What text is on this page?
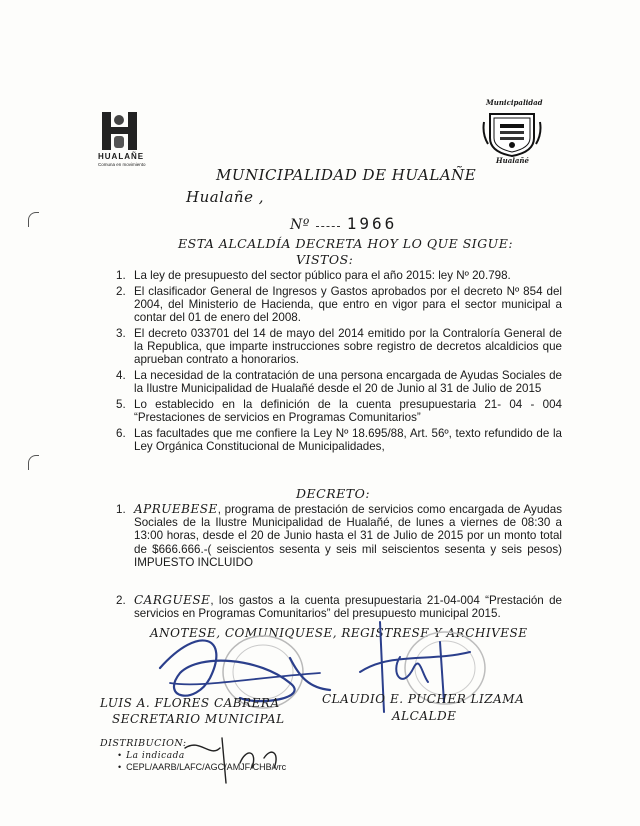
HUALAÑE
Comuna en movimiento
Municipalidad
Hualañé
MUNICIPALIDAD DE HUALAÑE
Hualañe ,
Nº 1966
ESTA ALCALDÍA DECRETA HOY LO QUE SIGUE:
VISTOS:
1. La ley de presupuesto del sector público para el año 2015: ley Nº 20.798.
2. El clasificador General de Ingresos y Gastos aprobados por el decreto Nº 854 del 2004, del Ministerio de Hacienda, que entro en vigor para el sector municipal a contar del 01 de enero del 2008.
3. El decreto 033701 del 14 de mayo del 2014 emitido por la Contraloría General de la Republica, que imparte instrucciones sobre registro de decretos alcaldicios que aprueban contrato a honorarios.
4. La necesidad de la contratación de una persona encargada de Ayudas Sociales de la Ilustre Municipalidad de Hualañé desde el 20 de Junio al 31 de Julio de 2015
5. Lo establecido en la definición de la cuenta presupuestaria 21- 04 - 004 “Prestaciones de servicios en Programas Comunitarios”
6. Las facultades que me confiere la Ley Nº 18.695/88, Art. 56º, texto refundido de la Ley Orgánica Constitucional de Municipalidades,
DECRETO:
1. APRUEBESE, programa de prestación de servicios como encargada de Ayudas Sociales de la Ilustre Municipalidad de Hualañé, de lunes a viernes de 08:30 a 13:00 horas, desde el 20 de Junio hasta el 31 de Julio de 2015 por un monto total de $666.666.-( seiscientos sesenta y seis mil seiscientos sesenta y seis pesos) IMPUESTO INCLUIDO
2. CARGUESE, los gastos a la cuenta presupuestaria 21-04-004 “Prestación de servicios en Programas Comunitarios” del presupuesto municipal 2015.
ANOTESE, COMUNIQUESE, REGISTRESE Y ARCHIVESE
LUIS A. FLORES CABRERA
SECRETARIO MUNICIPAL
CLAUDIO E. PUCHER LIZAMA
ALCALDE
DISTRIBUCION:
•  La indicada
•  CEPL/AARB/LAFC/AGC/AMJF/CHB/vrc
